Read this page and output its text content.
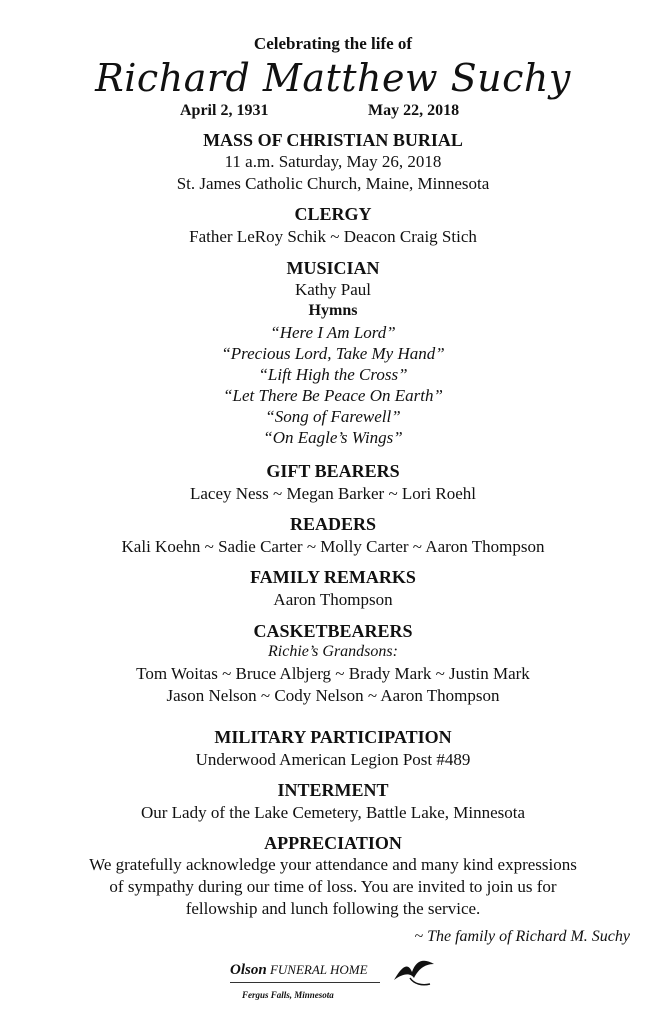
Celebrating the life of
Richard Matthew Suchy
April 2, 1931	May 22, 2018
MASS OF CHRISTIAN BURIAL
11 a.m. Saturday, May 26, 2018
St. James Catholic Church, Maine, Minnesota
CLERGY
Father LeRoy Schik ~ Deacon Craig Stich
MUSICIAN
Kathy Paul
Hymns
“Here I Am Lord”
“Precious Lord, Take My Hand”
“Lift High the Cross”
“Let There Be Peace On Earth”
“Song of Farewell”
“On Eagle’s Wings”
GIFT BEARERS
Lacey Ness ~ Megan Barker ~ Lori Roehl
READERS
Kali Koehn ~ Sadie Carter ~ Molly Carter ~ Aaron Thompson
FAMILY REMARKS
Aaron Thompson
CASKETBEARERS
Richie’s Grandsons:
Tom Woitas ~ Bruce Albjerg ~ Brady Mark ~ Justin Mark
Jason Nelson ~ Cody Nelson ~ Aaron Thompson
MILITARY PARTICIPATION
Underwood American Legion Post #489
INTERMENT
Our Lady of the Lake Cemetery, Battle Lake, Minnesota
APPRECIATION
We gratefully acknowledge your attendance and many kind expressions
of sympathy during our time of loss. You are invited to join us for
fellowship and lunch following the service.
~ The family of Richard M. Suchy
Olson FUNERAL HOME
Fergus Falls, Minnesota
